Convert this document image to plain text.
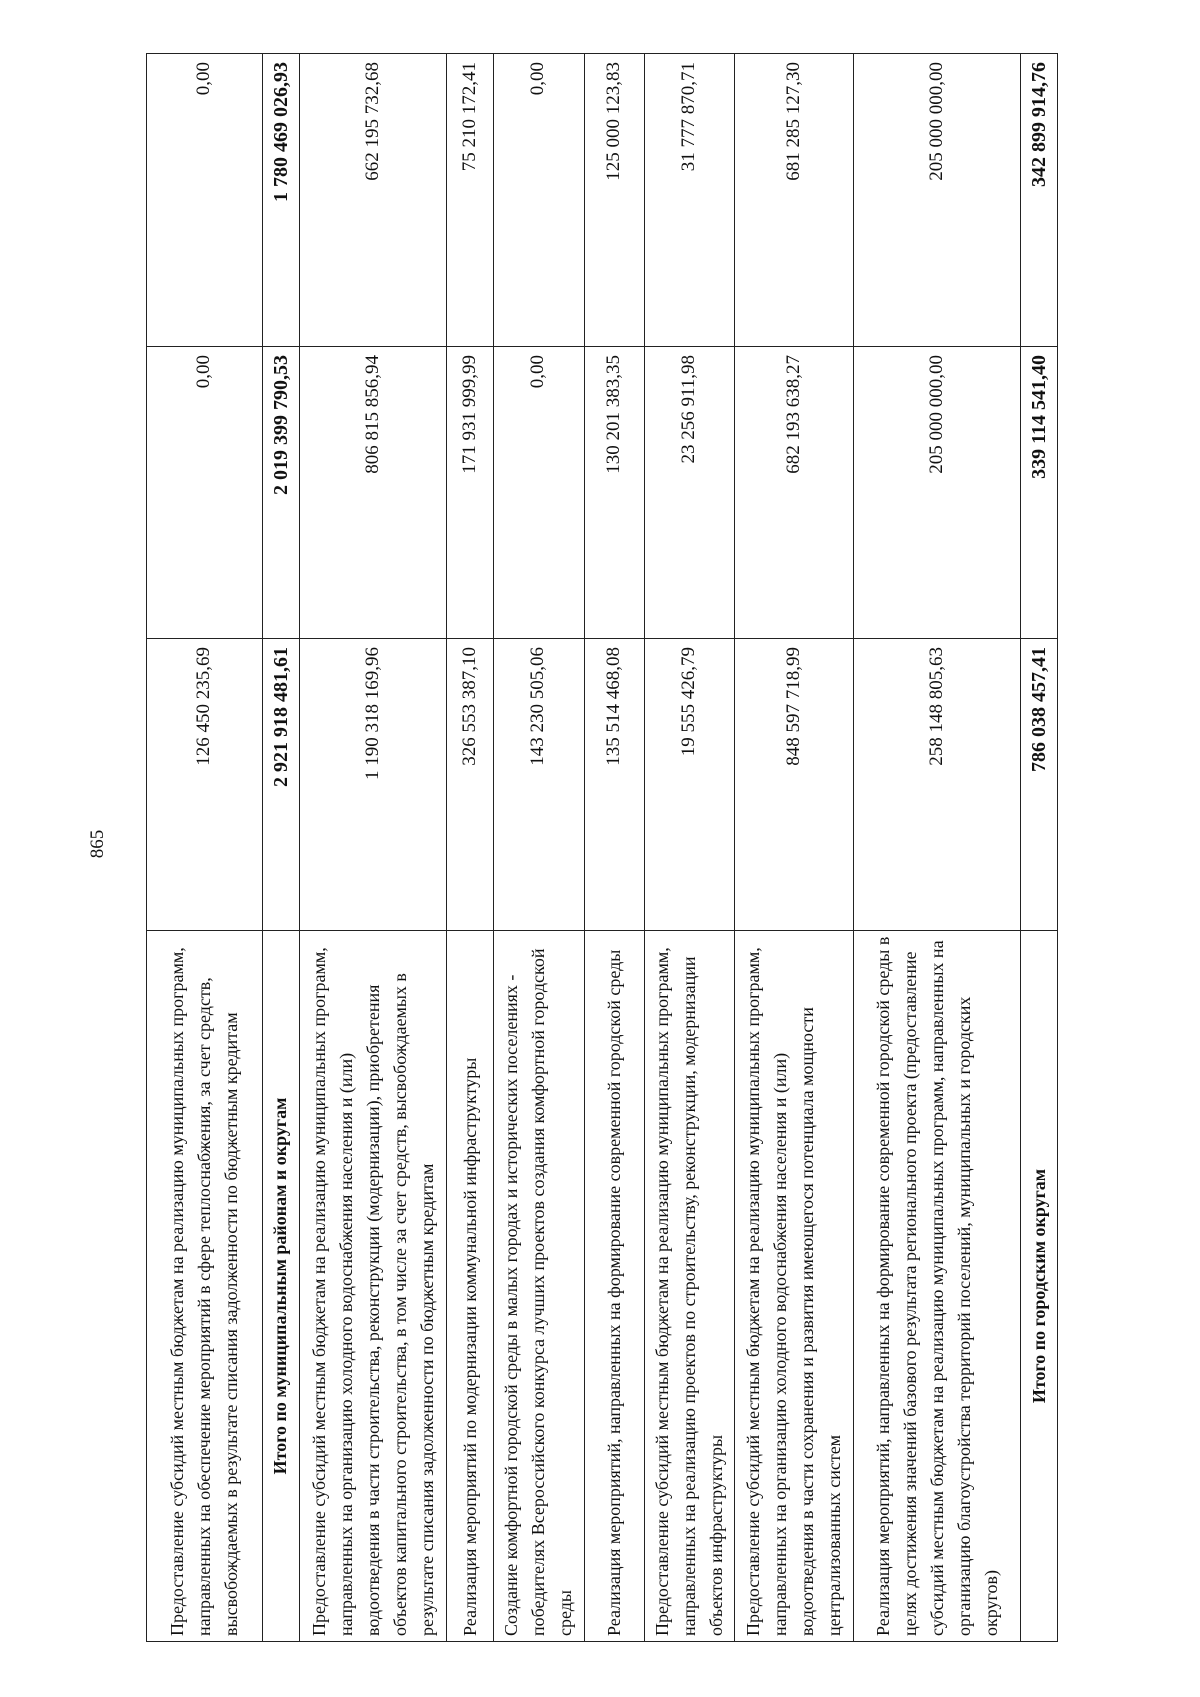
865
Предоставление субсидий местным бюджетам на реализацию муниципальных программ, направленных на обеспечение мероприятий в сфере теплоснабжения, за счет средств, высвобождаемых в результате списания задолженности по бюджетным кредитам	126 450 235,69	0,00	0,00
Итого по муниципальным районам и округам	2 921 918 481,61	2 019 399 790,53	1 780 469 026,93
Предоставление субсидий местным бюджетам на реализацию муниципальных программ, направленных на организацию холодного водоснабжения населения и (или) водоотведения в части строительства, реконструкции (модернизации), приобретения объектов капитального строительства, в том числе за счет средств, высвобождаемых в результате списания задолженности по бюджетным кредитам	1 190 318 169,96	806 815 856,94	662 195 732,68
Реализация мероприятий по модернизации коммунальной инфраструктуры	326 553 387,10	171 931 999,99	75 210 172,41
Создание комфортной городской среды в малых городах и исторических поселениях - победителях Всероссийского конкурса лучших проектов создания комфортной городской среды	143 230 505,06	0,00	0,00
Реализация мероприятий, направленных на формирование современной городской среды	135 514 468,08	130 201 383,35	125 000 123,83
Предоставление субсидий местным бюджетам на реализацию муниципальных программ, направленных на реализацию проектов по строительству, реконструкции, модернизации объектов инфраструктуры	19 555 426,79	23 256 911,98	31 777 870,71
Предоставление субсидий местным бюджетам на реализацию муниципальных программ, направленных на организацию холодного водоснабжения населения и (или) водоотведения в части сохранения и развития имеющегося потенциала мощности централизованных систем	848 597 718,99	682 193 638,27	681 285 127,30
Реализация мероприятий, направленных на формирование современной городской среды в целях достижения значений базового результата регионального проекта (предоставление субсидий местным бюджетам на реализацию муниципальных программ, направленных на организацию благоустройства территорий поселений, муниципальных и городских округов)	258 148 805,63	205 000 000,00	205 000 000,00
Итого по городским округам	786 038 457,41	339 114 541,40	342 899 914,76
